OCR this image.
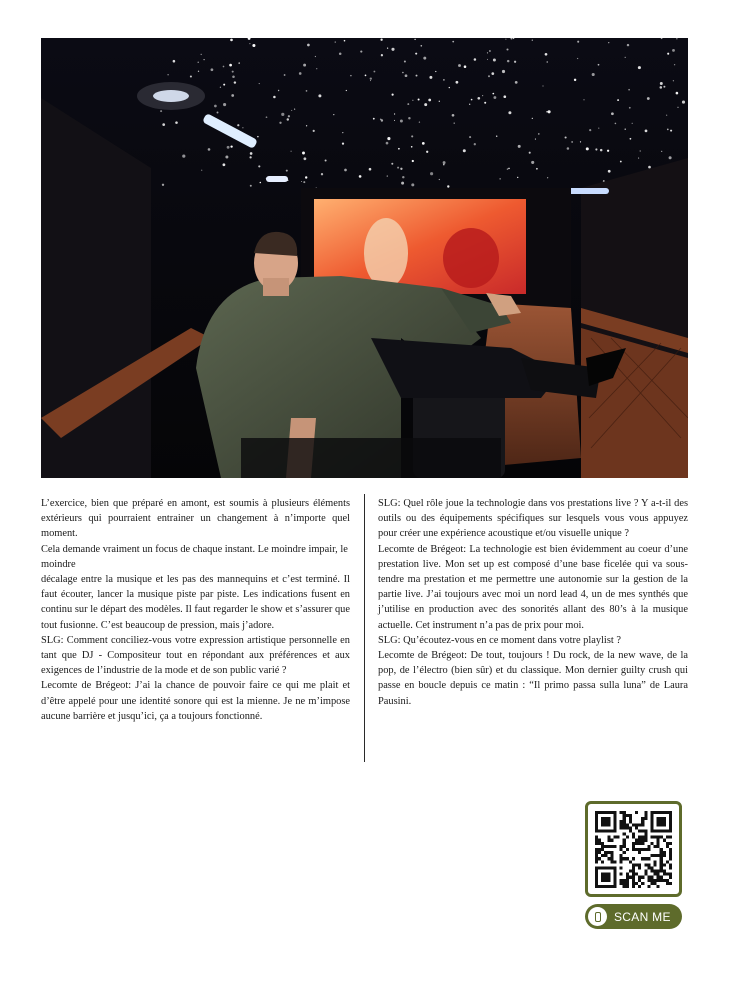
L’exercice, bien que préparé en amont, est soumis à plusieurs éléments extérieurs qui pourraient entrainer un changement à n’importe quel moment.

Cela demande vraiment un focus de chaque instant. Le moindre impair, le moindre

décalage entre la musique et les pas des mannequins et c’est terminé. Il faut écouter, lancer la musique piste par piste. Les indications fusent en continu sur le départ des modèles. Il faut regarder le show et s’assurer que tout fusionne. C’est beaucoup de pression, mais j’adore.

SLG: Comment conciliez-vous votre expression artistique personnelle en tant que DJ - Compositeur tout en répondant aux préférences et aux exigences de l’industrie de la mode et de son public varié ?

Lecomte de Brégeot: J’ai la chance de pouvoir faire ce qui me plait et d’être appelé pour une identité sonore qui est la mienne. Je ne m’impose aucune barrière et jusqu’ici, ça a toujours fonctionné.

SLG: Quel rôle joue la technologie dans vos prestations live ? Y a-t-il des outils ou des équipements spécifiques sur lesquels vous vous appuyez pour créer une expérience acoustique et/ou visuelle unique ?

Lecomte de Brégeot: La technologie est bien évidemment au coeur d’une prestation live. Mon set up est composé d’une base ficelée qui va sous-tendre ma prestation et me permettre une autonomie sur la gestion de la partie live. J’ai toujours avec moi un nord lead 4, un de mes synthés que j’utilise en production avec des sonorités allant des 80’s à la musique actuelle. Cet instrument n’a pas de prix pour moi.

SLG: Qu’écoutez-vous en ce moment dans votre playlist ?

Lecomte de Brégeot: De tout, toujours ! Du rock, de la new wave, de la pop, de l’électro (bien sûr) et du classique. Mon dernier guilty crush qui passe en boucle depuis ce matin : “Il primo passa sulla luna” de Laura Pausini.

SCAN ME
